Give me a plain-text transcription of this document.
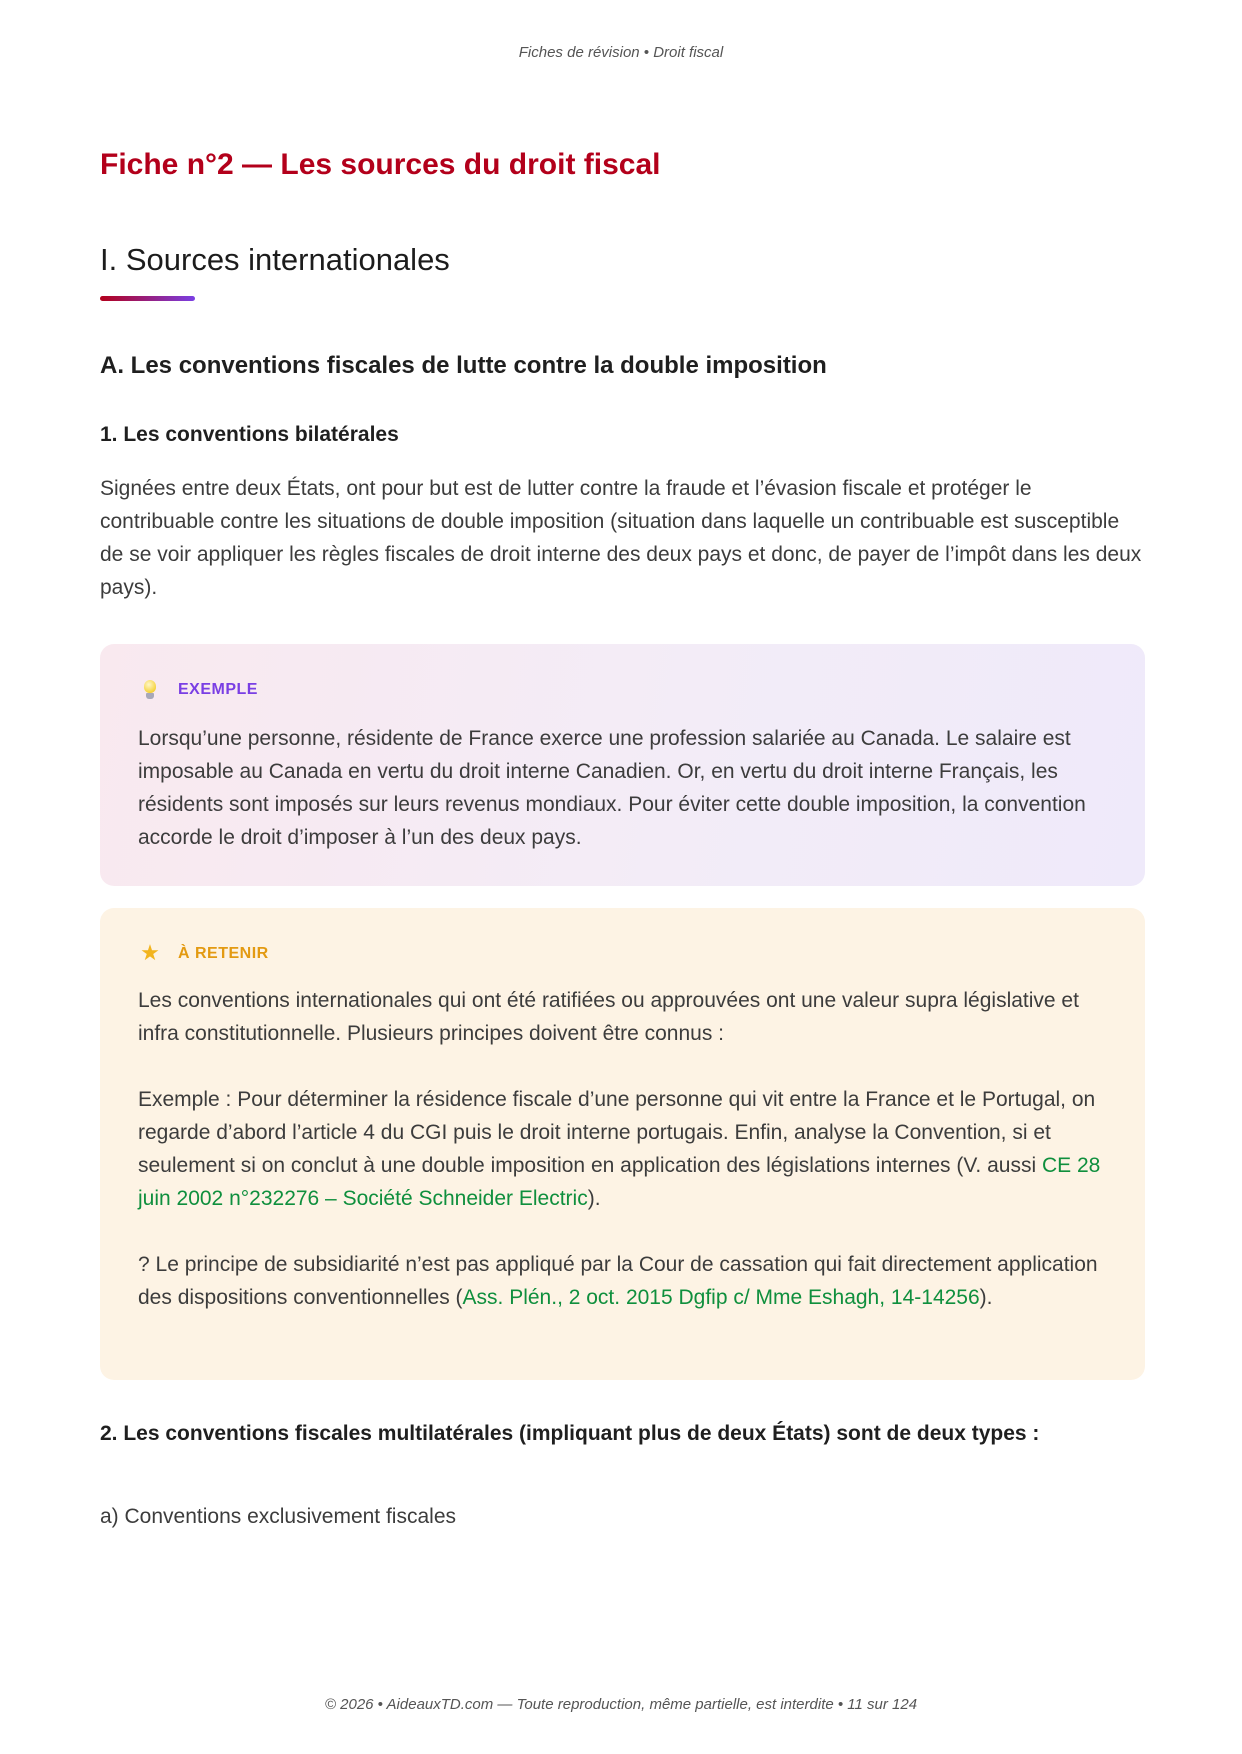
Fiches de révision • Droit fiscal
Fiche n°2 — Les sources du droit fiscal
I. Sources internationales
A. Les conventions fiscales de lutte contre la double imposition
1. Les conventions bilatérales

Signées entre deux États, ont pour but est de lutter contre la fraude et l’évasion fiscale et protéger le contribuable contre les situations de double imposition (situation dans laquelle un contribuable est susceptible de se voir appliquer les règles fiscales de droit interne des deux pays et donc, de payer de l’impôt dans les deux pays).

2. Les conventions fiscales multilatérales (impliquant plus de deux États) sont de deux types :

a) Conventions exclusivement fiscales

EXEMPLE
Lorsqu’une personne, résidente de France exerce une profession salariée au Canada. Le salaire est imposable au Canada en vertu du droit interne Canadien. Or, en vertu du droit interne Français, les résidents sont imposés sur leurs revenus mondiaux. Pour éviter cette double imposition, la convention accorde le droit d’imposer à l’un des deux pays.
★ À RETENIR

Les conventions internationales qui ont été ratifiées ou approuvées ont une valeur supra législative et infra constitutionnelle. Plusieurs principes doivent être connus :

Exemple : Pour déterminer la résidence fiscale d’une personne qui vit entre la France et le Portugal, on regarde d’abord l’article 4 du CGI puis le droit interne portugais. Enfin, analyse la Convention, si et seulement si on conclut à une double imposition en application des législations internes (V. aussi CE 28 juin 2002 n°232276 – Société Schneider Electric).

? Le principe de subsidiarité n’est pas appliqué par la Cour de cassation qui fait directement application des dispositions conventionnelles (Ass. Plén., 2 oct. 2015 Dgfip c/ Mme Eshagh, 14-14256).

© 2026 • AideauxTD.com — Toute reproduction, même partielle, est interdite • 11 sur 124
